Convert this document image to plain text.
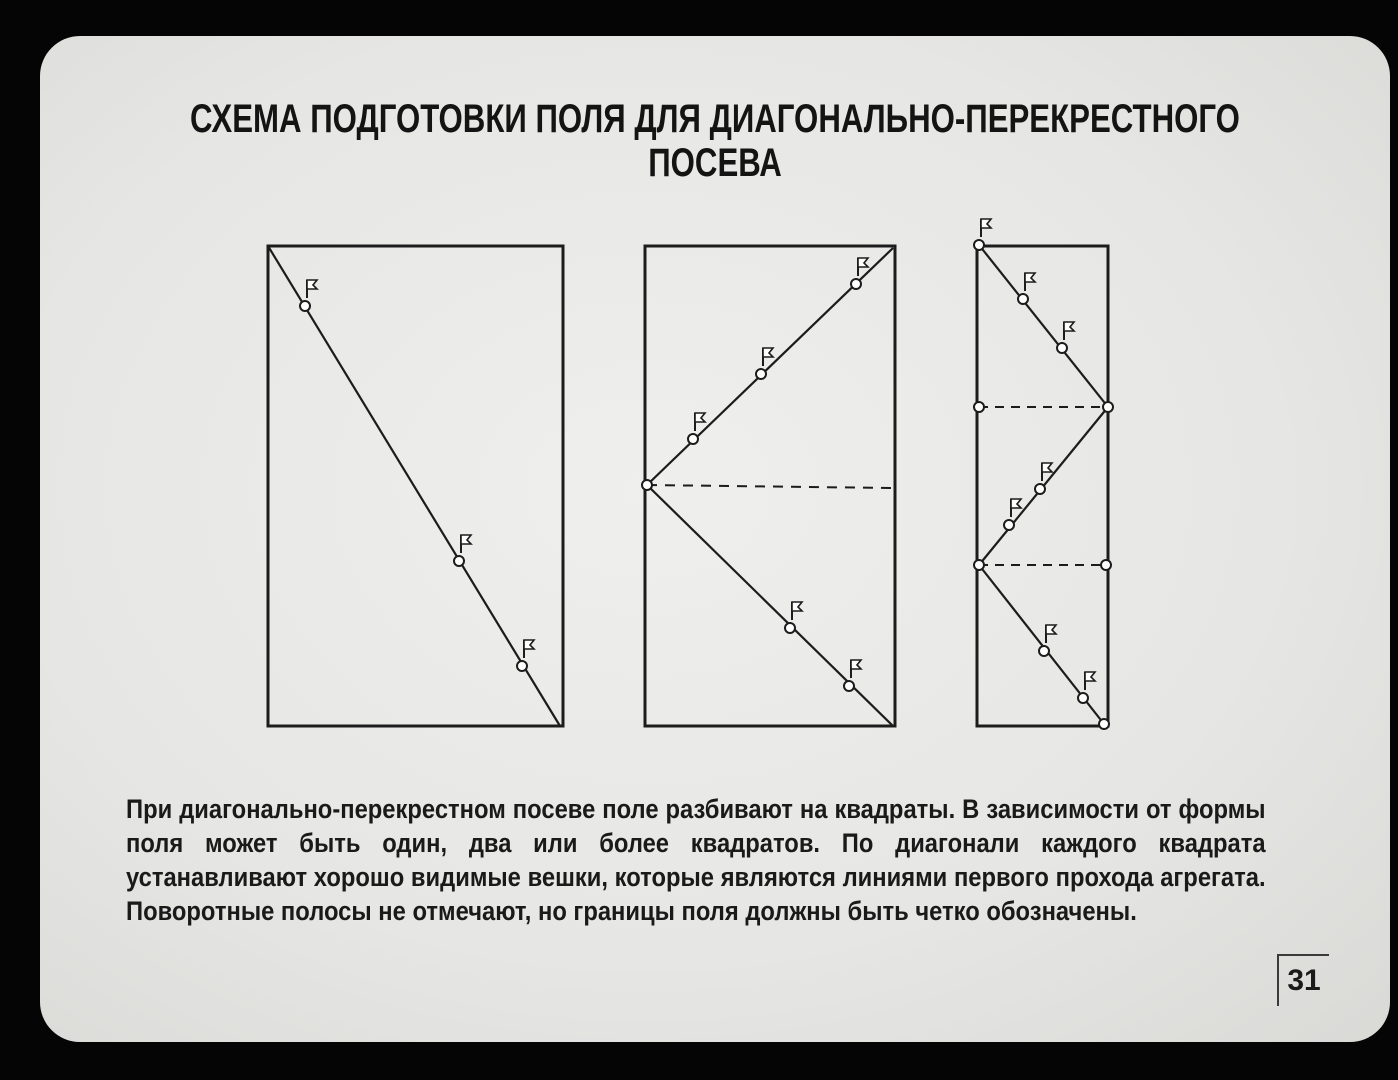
СХЕМА ПОДГОТОВКИ ПОЛЯ ДЛЯ ДИАГОНАЛЬНО-ПЕРЕКРЕСТНОГО
ПОСЕВА
При диагонально-перекрестном посеве поле разбивают на квадраты. В зависимости от формы поля может быть один, два или более квадратов. По диагонали каждого квадрата устанавливают хорошо видимые вешки, которые являются линиями первого прохода агрегата. Поворотные полосы не отмечают, но границы поля должны быть четко обозначены.
31
